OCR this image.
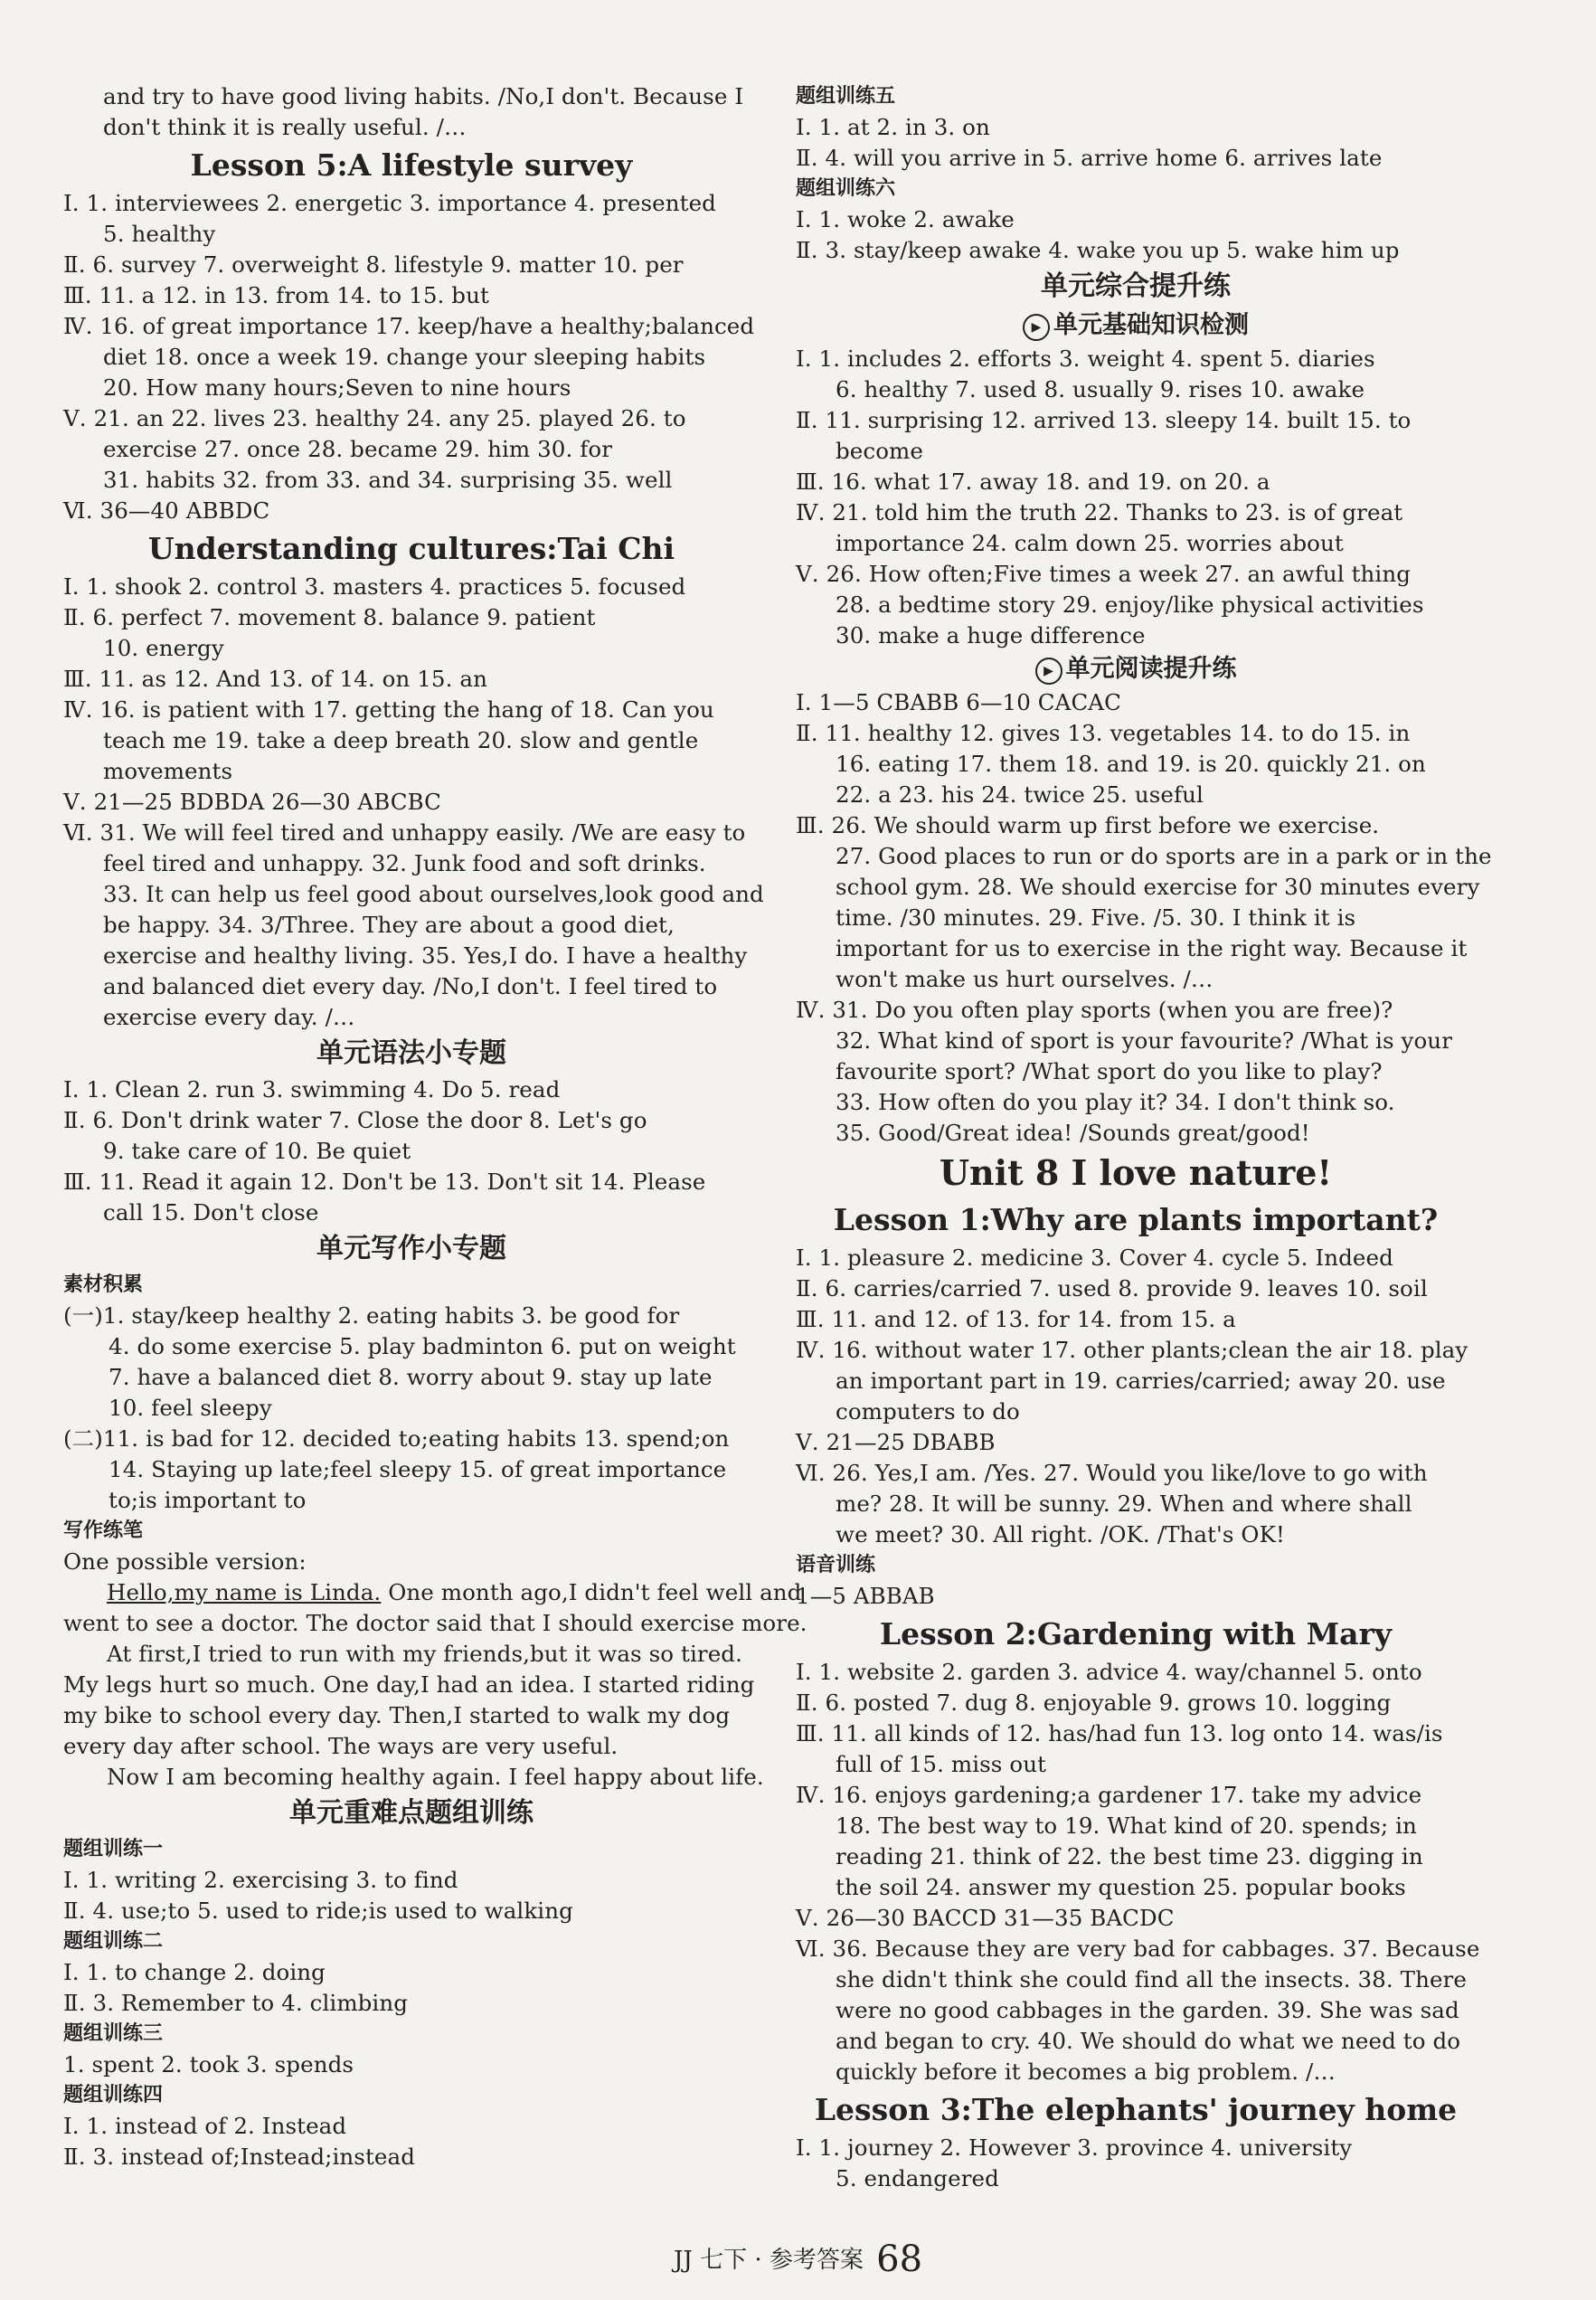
and try to have good living habits. /No,I don't. Because I
don't think it is really useful. /…
Lesson 5:A lifestyle survey
Ⅰ. 1. interviewees 2. energetic 3. importance 4. presented
5. healthy
Ⅱ. 6. survey 7. overweight 8. lifestyle 9. matter 10. per
Ⅲ. 11. a 12. in 13. from 14. to 15. but
Ⅳ. 16. of great importance 17. keep/have a healthy;balanced
diet 18. once a week 19. change your sleeping habits
20. How many hours;Seven to nine hours
Ⅴ. 21. an 22. lives 23. healthy 24. any 25. played 26. to
exercise 27. once 28. became 29. him 30. for
31. habits 32. from 33. and 34. surprising 35. well
Ⅵ. 36—40 ABBDC
Understanding cultures:Tai Chi
Ⅰ. 1. shook 2. control 3. masters 4. practices 5. focused
Ⅱ. 6. perfect 7. movement 8. balance 9. patient
10. energy
Ⅲ. 11. as 12. And 13. of 14. on 15. an
Ⅳ. 16. is patient with 17. getting the hang of 18. Can you
teach me 19. take a deep breath 20. slow and gentle
movements
Ⅴ. 21—25 BDBDA 26—30 ABCBC
Ⅵ. 31. We will feel tired and unhappy easily. /We are easy to
feel tired and unhappy. 32. Junk food and soft drinks.
33. It can help us feel good about ourselves,look good and
be happy. 34. 3/Three. They are about a good diet,
exercise and healthy living. 35. Yes,I do. I have a healthy
and balanced diet every day. /No,I don't. I feel tired to
exercise every day. /…
单元语法小专题
Ⅰ. 1. Clean 2. run 3. swimming 4. Do 5. read
Ⅱ. 6. Don't drink water 7. Close the door 8. Let's go
9. take care of 10. Be quiet
Ⅲ. 11. Read it again 12. Don't be 13. Don't sit 14. Please
call 15. Don't close
单元写作小专题
素材积累
(一)1. stay/keep healthy 2. eating habits 3. be good for
4. do some exercise 5. play badminton 6. put on weight
7. have a balanced diet 8. worry about 9. stay up late
10. feel sleepy
(二)11. is bad for 12. decided to;eating habits 13. spend;on
14. Staying up late;feel sleepy 15. of great importance
to;is important to
写作练笔
One possible version:
Hello,my name is Linda. One month ago,I didn't feel well and
went to see a doctor. The doctor said that I should exercise more.
At first,I tried to run with my friends,but it was so tired.
My legs hurt so much. One day,I had an idea. I started riding
my bike to school every day. Then,I started to walk my dog
every day after school. The ways are very useful.
Now I am becoming healthy again. I feel happy about life.
单元重难点题组训练
题组训练一
Ⅰ. 1. writing 2. exercising 3. to find
Ⅱ. 4. use;to 5. used to ride;is used to walking
题组训练二
Ⅰ. 1. to change 2. doing
Ⅱ. 3. Remember to 4. climbing
题组训练三
1. spent 2. took 3. spends
题组训练四
Ⅰ. 1. instead of 2. Instead
Ⅱ. 3. instead of;Instead;instead
题组训练五
Ⅰ. 1. at 2. in 3. on
Ⅱ. 4. will you arrive in 5. arrive home 6. arrives late
题组训练六
Ⅰ. 1. woke 2. awake
Ⅱ. 3. stay/keep awake 4. wake you up 5. wake him up
单元综合提升练
▶ 单元基础知识检测
Ⅰ. 1. includes 2. efforts 3. weight 4. spent 5. diaries
6. healthy 7. used 8. usually 9. rises 10. awake
Ⅱ. 11. surprising 12. arrived 13. sleepy 14. built 15. to
become
Ⅲ. 16. what 17. away 18. and 19. on 20. a
Ⅳ. 21. told him the truth 22. Thanks to 23. is of great
importance 24. calm down 25. worries about
Ⅴ. 26. How often;Five times a week 27. an awful thing
28. a bedtime story 29. enjoy/like physical activities
30. make a huge difference
▶ 单元阅读提升练
Ⅰ. 1—5 CBABB 6—10 CACAC
Ⅱ. 11. healthy 12. gives 13. vegetables 14. to do 15. in
16. eating 17. them 18. and 19. is 20. quickly 21. on
22. a 23. his 24. twice 25. useful
Ⅲ. 26. We should warm up first before we exercise.
27. Good places to run or do sports are in a park or in the
school gym. 28. We should exercise for 30 minutes every
time. /30 minutes. 29. Five. /5. 30. I think it is
important for us to exercise in the right way. Because it
won't make us hurt ourselves. /…
Ⅳ. 31. Do you often play sports (when you are free)?
32. What kind of sport is your favourite? /What is your
favourite sport? /What sport do you like to play?
33. How often do you play it? 34. I don't think so.
35. Good/Great idea! /Sounds great/good!
Unit 8 I love nature!
Lesson 1:Why are plants important?
Ⅰ. 1. pleasure 2. medicine 3. Cover 4. cycle 5. Indeed
Ⅱ. 6. carries/carried 7. used 8. provide 9. leaves 10. soil
Ⅲ. 11. and 12. of 13. for 14. from 15. a
Ⅳ. 16. without water 17. other plants;clean the air 18. play
an important part in 19. carries/carried; away 20. use
computers to do
Ⅴ. 21—25 DBABB
Ⅵ. 26. Yes,I am. /Yes. 27. Would you like/love to go with
me? 28. It will be sunny. 29. When and where shall
we meet? 30. All right. /OK. /That's OK!
语音训练
1—5 ABBAB
Lesson 2:Gardening with Mary
Ⅰ. 1. website 2. garden 3. advice 4. way/channel 5. onto
Ⅱ. 6. posted 7. dug 8. enjoyable 9. grows 10. logging
Ⅲ. 11. all kinds of 12. has/had fun 13. log onto 14. was/is
full of 15. miss out
Ⅳ. 16. enjoys gardening;a gardener 17. take my advice
18. The best way to 19. What kind of 20. spends; in
reading 21. think of 22. the best time 23. digging in
the soil 24. answer my question 25. popular books
Ⅴ. 26—30 BACCD 31—35 BACDC
Ⅵ. 36. Because they are very bad for cabbages. 37. Because
she didn't think she could find all the insects. 38. There
were no good cabbages in the garden. 39. She was sad
and began to cry. 40. We should do what we need to do
quickly before it becomes a big problem. /…
Lesson 3:The elephants' journey home
Ⅰ. 1. journey 2. However 3. province 4. university
5. endangered
JJ 七下 · 参考答案 68
